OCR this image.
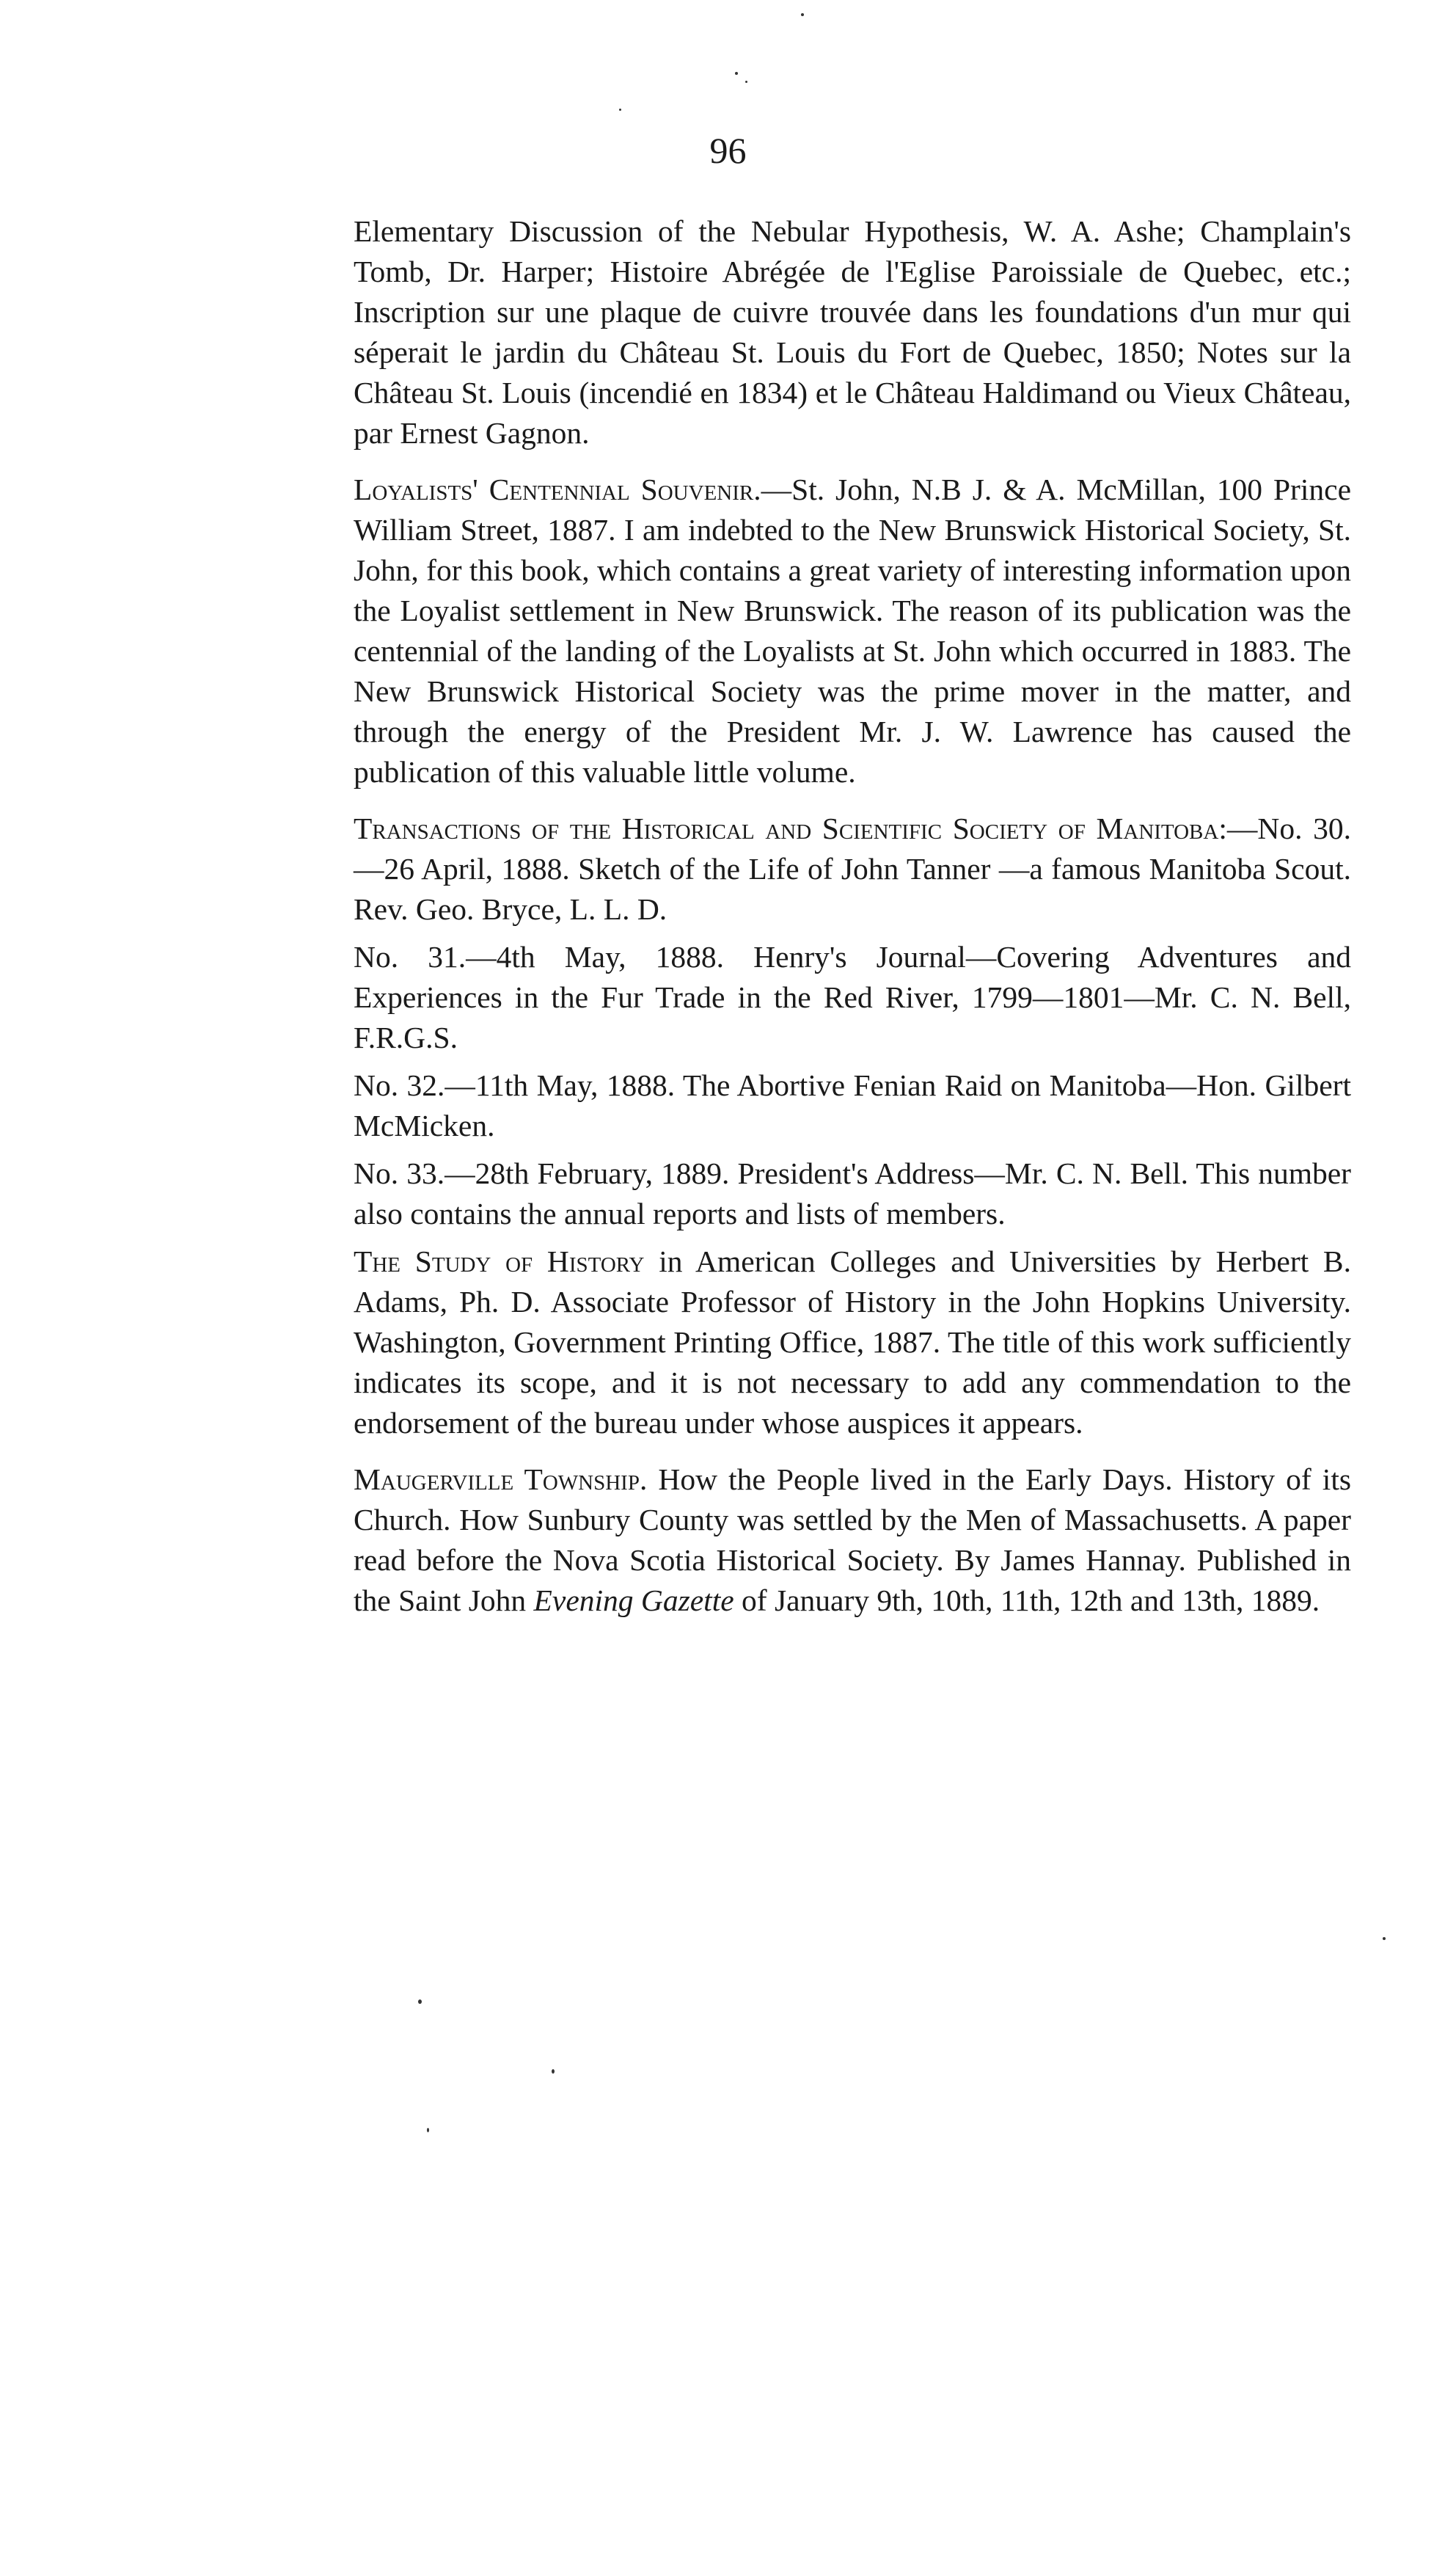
96

Elementary Discussion of the Nebular Hypothesis, W. A. Ashe; Champlain's Tomb, Dr. Harper; Histoire Abrégée de l'Eglise Paroissiale de Quebec, etc.; Inscription sur une plaque de cuivre trouvée dans les foundations d'un mur qui séperait le jardin du Château St. Louis du Fort de Quebec, 1850; Notes sur la Château St. Louis (incendié en 1834) et le Château Haldimand ou Vieux Château, par Ernest Gagnon.

Loyalists' Centennial Souvenir.—St. John, N.B J. & A. McMillan, 100 Prince William Street, 1887. I am indebted to the New Brunswick Historical Society, St. John, for this book, which contains a great variety of interesting information upon the Loyalist settlement in New Brunswick. The reason of its publication was the centennial of the landing of the Loyalists at St. John which occurred in 1883. The New Brunswick Historical Society was the prime mover in the matter, and through the energy of the President Mr. J. W. Lawrence has caused the publication of this valuable little volume.

Transactions of the Historical and Scientific Society of Manitoba:—No. 30.—26 April, 1888. Sketch of the Life of John Tanner —a famous Manitoba Scout. Rev. Geo. Bryce, L. L. D.

No. 31.—4th May, 1888. Henry's Journal—Covering Adventures and Experiences in the Fur Trade in the Red River, 1799—1801—Mr. C. N. Bell, F.R.G.S.

No. 32.—11th May, 1888. The Abortive Fenian Raid on Manitoba—Hon. Gilbert McMicken.

No. 33.—28th February, 1889. President's Address—Mr. C. N. Bell. This number also contains the annual reports and lists of members.

The Study of History in American Colleges and Universities by Herbert B. Adams, Ph. D. Associate Professor of History in the John Hopkins University. Washington, Government Printing Office, 1887. The title of this work sufficiently indicates its scope, and it is not necessary to add any commendation to the endorsement of the bureau under whose auspices it appears.

Maugerville Township. How the People lived in the Early Days. History of its Church. How Sunbury County was settled by the Men of Massachusetts. A paper read before the Nova Scotia Historical Society. By James Hannay. Published in the Saint John Evening Gazette of January 9th, 10th, 11th, 12th and 13th, 1889.
